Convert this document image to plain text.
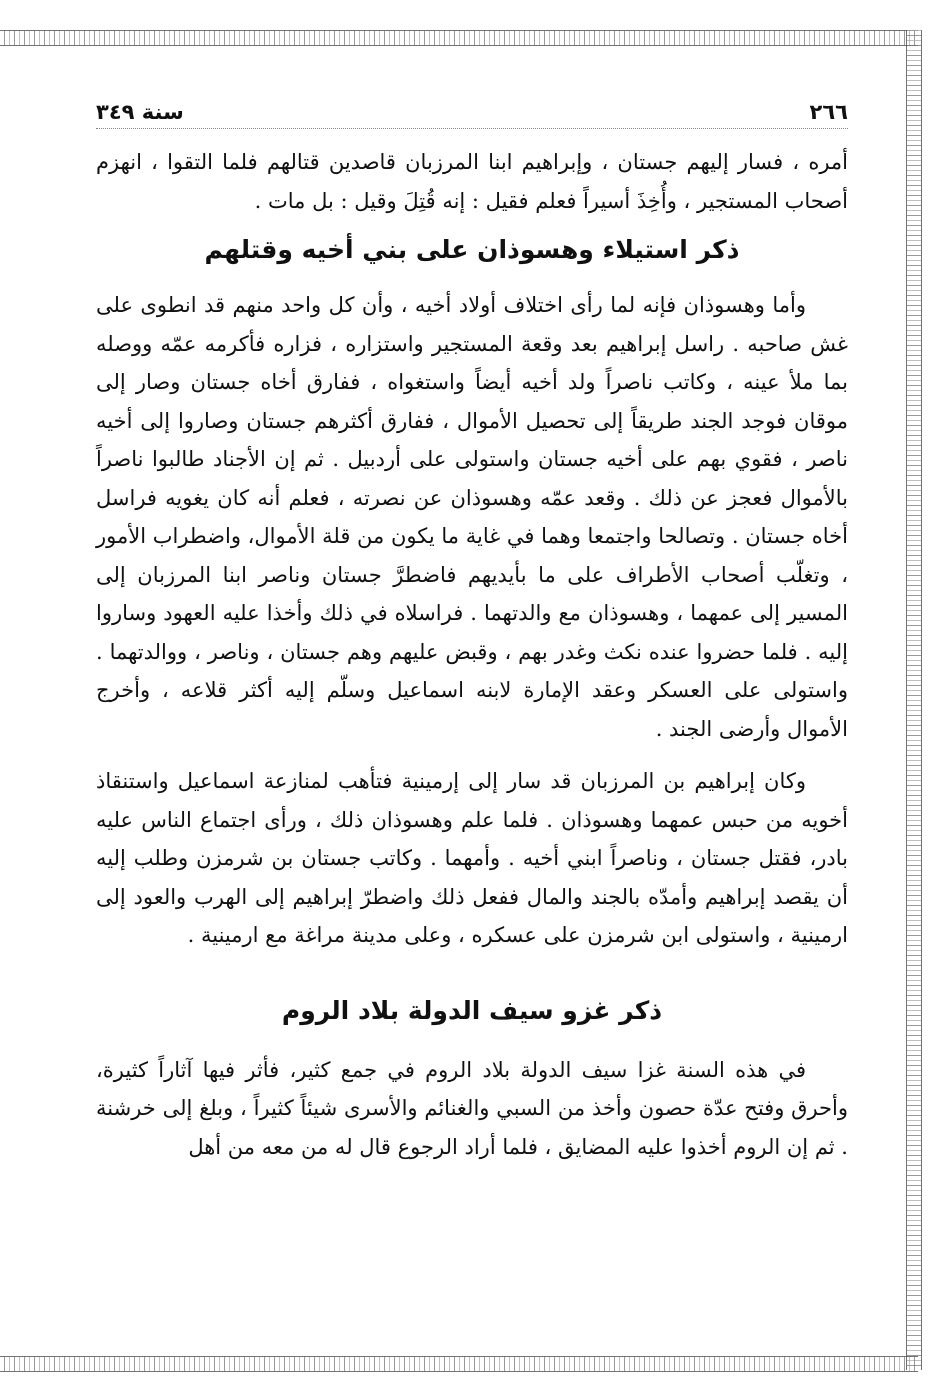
٢٦٦
سنة ٣٤٩

أمره ، فسار إليهم جستان ، وإبراهيم ابنا المرزبان قاصدين قتالهم فلما التقوا ، انهزم أصحاب المستجير ، وأُخِذَ أسيراً فعلم فقيل : إنه قُتِلَ وقيل : بل مات .

ذكر استيلاء وهسوذان على بني أخيه وقتلهم

وأما وهسوذان فإنه لما رأى اختلاف أولاد أخيه ، وأن كل واحد منهم قد انطوى على غش صاحبه . راسل إبراهيم بعد وقعة المستجير واستزاره ، فزاره فأكرمه عمّه ووصله بما ملأ عينه ، وكاتب ناصراً ولد أخيه أيضاً واستغواه ، ففارق أخاه جستان وصار إلى موقان فوجد الجند طريقاً إلى تحصيل الأموال ، ففارق أكثرهم جستان وصاروا إلى أخيه ناصر ، فقوي بهم على أخيه جستان واستولى على أردبيل . ثم إن الأجناد طالبوا ناصراً بالأموال فعجز عن ذلك . وقعد عمّه وهسوذان عن نصرته ، فعلم أنه كان يغويه فراسل أخاه جستان . وتصالحا واجتمعا وهما في غاية ما يكون من قلة الأموال، واضطراب الأمور ، وتغلّب أصحاب الأطراف على ما بأيديهم فاضطرَّ جستان وناصر ابنا المرزبان إلى المسير إلى عمهما ، وهسوذان مع والدتهما . فراسلاه في ذلك وأخذا عليه العهود وساروا إليه . فلما حضروا عنده نكث وغدر بهم ، وقبض عليهم وهم جستان ، وناصر ، ووالدتهما . واستولى على العسكر وعقد الإمارة لابنه اسماعيل وسلّم إليه أكثر قلاعه ، وأخرج الأموال وأرضى الجند .

وكان إبراهيم بن المرزبان قد سار إلى إرمينية فتأهب لمنازعة اسماعيل واستنقاذ أخويه من حبس عمهما وهسوذان . فلما علم وهسوذان ذلك ، ورأى اجتماع الناس عليه بادر، فقتل جستان ، وناصراً ابني أخيه . وأمهما . وكاتب جستان بن شرمزن وطلب إليه أن يقصد إبراهيم وأمدّه بالجند والمال ففعل ذلك واضطرّ إبراهيم إلى الهرب والعود إلى ارمينية ، واستولى ابن شرمزن على عسكره ، وعلى مدينة مراغة مع ارمينية .

ذكر غزو سيف الدولة بلاد الروم

في هذه السنة غزا سيف الدولة بلاد الروم في جمع كثير، فأثر فيها آثاراً كثيرة، وأحرق وفتح عدّة حصون وأخذ من السبي والغنائم والأسرى شيئاً كثيراً ، وبلغ إلى خرشنة . ثم إن الروم أخذوا عليه المضايق ، فلما أراد الرجوع قال له من معه من أهل
